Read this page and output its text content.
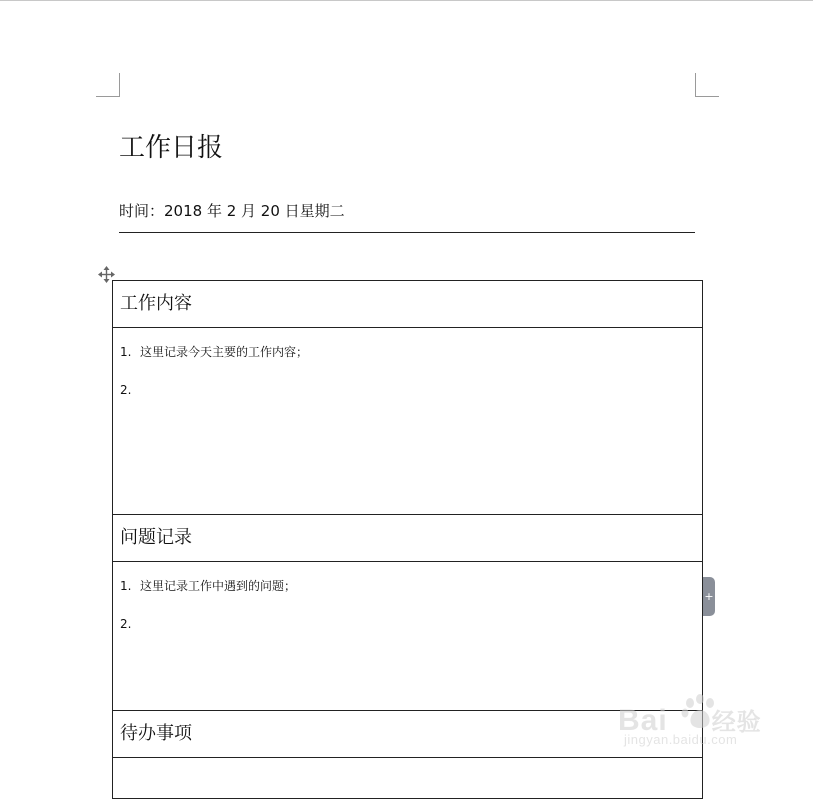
工作日报
时间：2018 年 2 月 20 日星期二
工作内容

1. 这里记录今天主要的工作内容；
2.

问题记录

1. 这里记录工作中遇到的问题；
2.

待办事项

+
Bai 经验
jingyan.baidu.com
